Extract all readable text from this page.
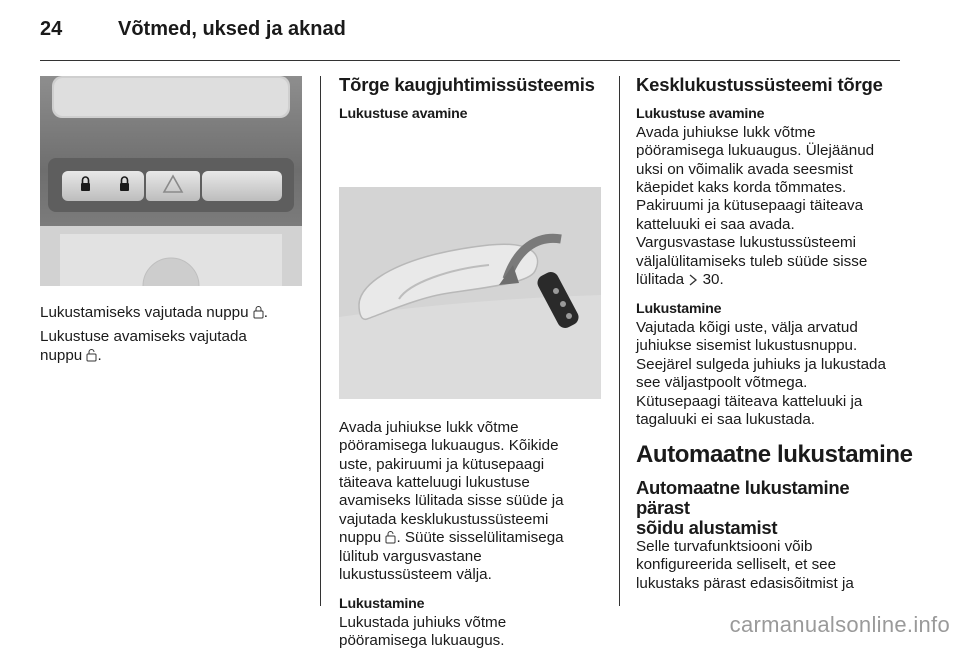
24	Võtmed, uksed ja aknad

Lukustamiseks vajutada nuppu .

Lukustuse avamiseks vajutada

nuppu .

Tõrge kaugjuhtimissüsteemis
Lukustuse avamine

Avada juhiukse lukk võtme

pööramisega lukuaugus. Kõikide

uste, pakiruumi ja kütusepaagi

täiteava katteluugi lukustuse

avamiseks lülitada sisse süüde ja

vajutada kesklukustussüsteemi

nuppu . Süüte sisselülitamisega

lülitub vargusvastane

lukustussüsteem välja.

Lukustamine

Lukustada juhiuks võtme

pööramisega lukuaugus.

Kesklukustussüsteemi tõrge
Lukustuse avamine

Avada juhiukse lukk võtme

pööramisega lukuaugus. Ülejäänud

uksi on võimalik avada seesmist

käepidet kaks korda tõmmates.

Pakiruumi ja kütusepaagi täiteava

katteluuki ei saa avada.

Vargusvastase lukustussüsteemi

väljalülitamiseks tuleb süüde sisse

lülitada 30.

Lukustamine

Vajutada kõigi uste, välja arvatud

juhiukse sisemist lukustusnuppu.

Seejärel sulgeda juhiuks ja lukustada

see väljastpoolt võtmega.

Kütusepaagi täiteava katteluuki ja

tagaluuki ei saa lukustada.

Automaatne lukustamine
Automaatne lukustamine pärast
sõidu alustamist

Selle turvafunktsiooni võib

konfigureerida selliselt, et see

lukustaks pärast edasisõitmist ja

carmanualsonline.info
